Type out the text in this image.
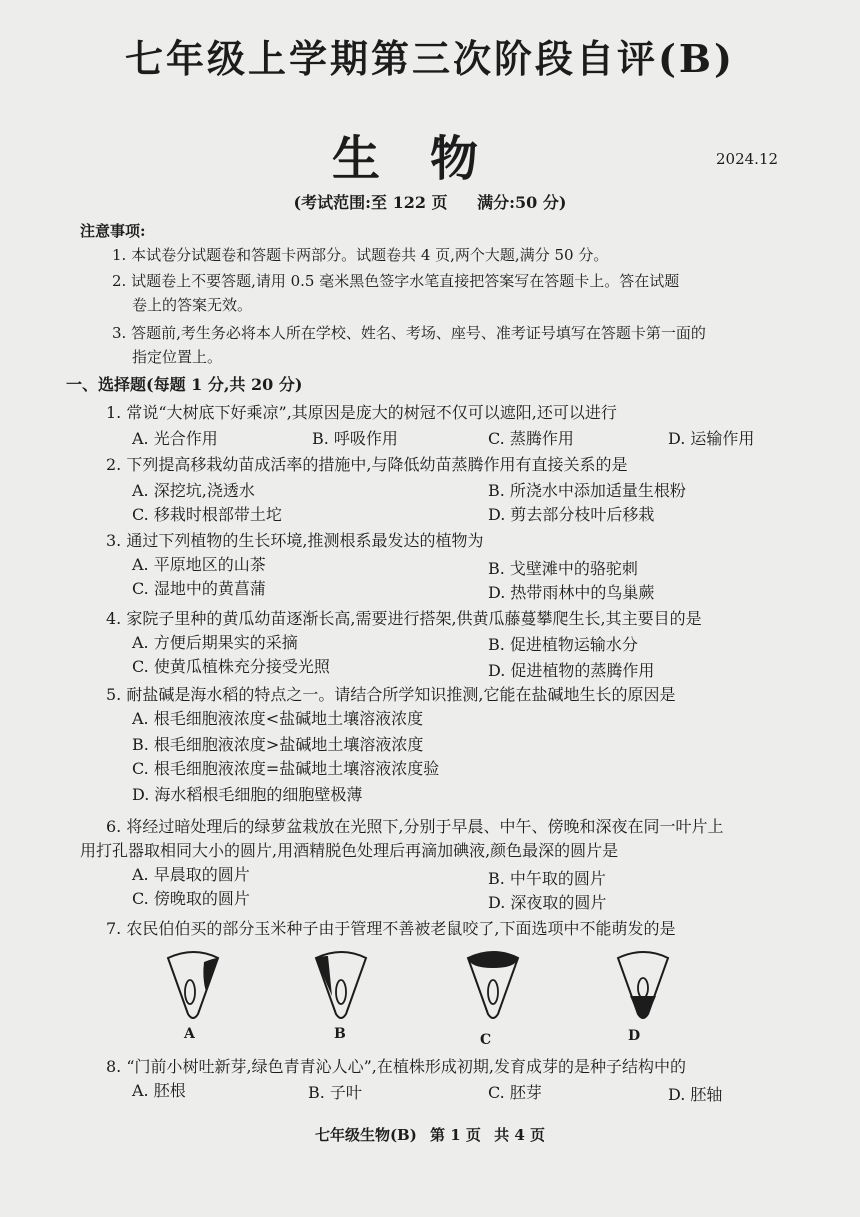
七年级上学期第三次阶段自评(B)
生物	2024.12
(考试范围:至 122 页 满分:50 分)
注意事项:
1. 本试卷分试题卷和答题卡两部分。试题卷共 4 页,两个大题,满分 50 分。
2. 试题卷上不要答题,请用 0.5 毫米黑色签字水笔直接把答案写在答题卡上。答在试题
卷上的答案无效。
3. 答题前,考生务必将本人所在学校、姓名、考场、座号、准考证号填写在答题卡第一面的
指定位置上。
一、选择题(每题 1 分,共 20 分)
1. 常说“大树底下好乘凉”,其原因是庞大的树冠不仅可以遮阳,还可以进行
A. 光合作用	B. 呼吸作用	C. 蒸腾作用	D. 运输作用
2. 下列提高移栽幼苗成活率的措施中,与降低幼苗蒸腾作用有直接关系的是
A. 深挖坑,浇透水	B. 所浇水中添加适量生根粉
C. 移栽时根部带土坨	D. 剪去部分枝叶后移栽
3. 通过下列植物的生长环境,推测根系最发达的植物为
A. 平原地区的山茶	B. 戈壁滩中的骆驼刺
C. 湿地中的黄菖蒲	D. 热带雨林中的鸟巢蕨
4. 家院子里种的黄瓜幼苗逐渐长高,需要进行搭架,供黄瓜藤蔓攀爬生长,其主要目的是
A. 方便后期果实的采摘	B. 促进植物运输水分
C. 使黄瓜植株充分接受光照	D. 促进植物的蒸腾作用
5. 耐盐碱是海水稻的特点之一。请结合所学知识推测,它能在盐碱地生长的原因是
A. 根毛细胞液浓度<盐碱地土壤溶液浓度
B. 根毛细胞液浓度>盐碱地土壤溶液浓度
C. 根毛细胞液浓度=盐碱地土壤溶液浓度验
D. 海水稻根毛细胞的细胞壁极薄
6. 将经过暗处理后的绿萝盆栽放在光照下,分别于早晨、中午、傍晚和深夜在同一叶片上
用打孔器取相同大小的圆片,用酒精脱色处理后再滴加碘液,颜色最深的圆片是
A. 早晨取的圆片	B. 中午取的圆片
C. 傍晚取的圆片	D. 深夜取的圆片
7. 农民伯伯买的部分玉米种子由于管理不善被老鼠咬了,下面选项中不能萌发的是
A	B	C	D
8. “门前小树吐新芽,绿色青青沁人心”,在植株形成初期,发育成芽的是种子结构中的
A. 胚根	B. 子叶	C. 胚芽	D. 胚轴
七年级生物(B) 第 1 页 共 4 页
